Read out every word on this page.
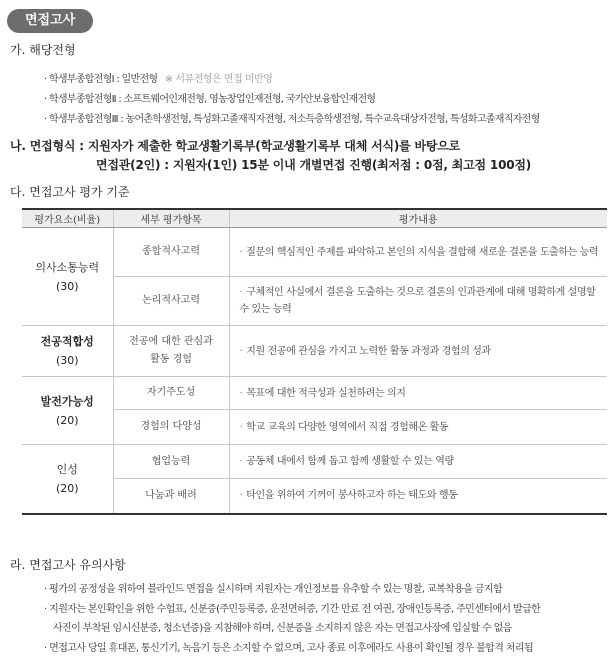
면접고사
가. 해당전형
· 학생부종합전형Ⅰ : 일반전형 ※ 서류전형은 면접 미반영
· 학생부종합전형Ⅱ : 소프트웨어인재전형, 영농창업인재전형, 국가안보융합인재전형
· 학생부종합전형Ⅲ : 농어촌학생전형, 특성화고졸재직자전형, 저소득층학생전형, 특수교육대상자전형, 특성화고졸재직자전형
나. 면접형식 : 지원자가 제출한 학교생활기록부(학교생활기록부 대체 서식)를 바탕으로
면접관(2인) : 지원자(1인) 15분 이내 개별면접 진행(최저점 : 0점, 최고점 100점)
다. 면접고사 평가 기준
평가요소(비율)	세부 평가항목	평가내용

의사소통능력
(30)	종합적사고력	· 질문의 핵심적인 주제를 파악하고 본인의 지식을 결합해 새로운 결론을 도출하는 능력
	논리적사고력	· 구체적인 사실에서 결론을 도출하는 것으로 결론의 인과관계에 대해 명확하게 설명할 수 있는 능력

전공적합성
(30)	전공에 대한 관심과 활동 경험	· 지원 전공에 관심을 가지고 노력한 활동 과정과 경험의 성과

발전가능성
(20)	자기주도성	· 목표에 대한 적극성과 실천하려는 의지
	경험의 다양성	· 학교 교육의 다양한 영역에서 직접 경험해온 활동

인성
(20)	협업능력	· 공동체 내에서 함께 돕고 함께 생활할 수 있는 역량
	나눔과 배려	· 타인을 위하여 기꺼이 봉사하고자 하는 태도와 행동
라. 면접고사 유의사항
· 평가의 공정성을 위하여 블라인드 면접을 실시하며 지원자는 개인정보를 유추할 수 있는 명찰, 교복착용을 금지함
· 지원자는 본인확인을 위한 수험표, 신분증(주민등록증, 운전면허증, 기간 만료 전 여권, 장애인등록증, 주민센터에서 발급한
사진이 부착된 임시신분증, 청소년증)을 지참해야 하며, 신분증을 소지하지 않은 자는 면접고사장에 입실할 수 없음
· 면접고사 당일 휴대폰, 통신기기, 녹음기 등은 소지할 수 없으며, 고사 종료 이후에라도 사용이 확인될 경우 불합격 처리됨
